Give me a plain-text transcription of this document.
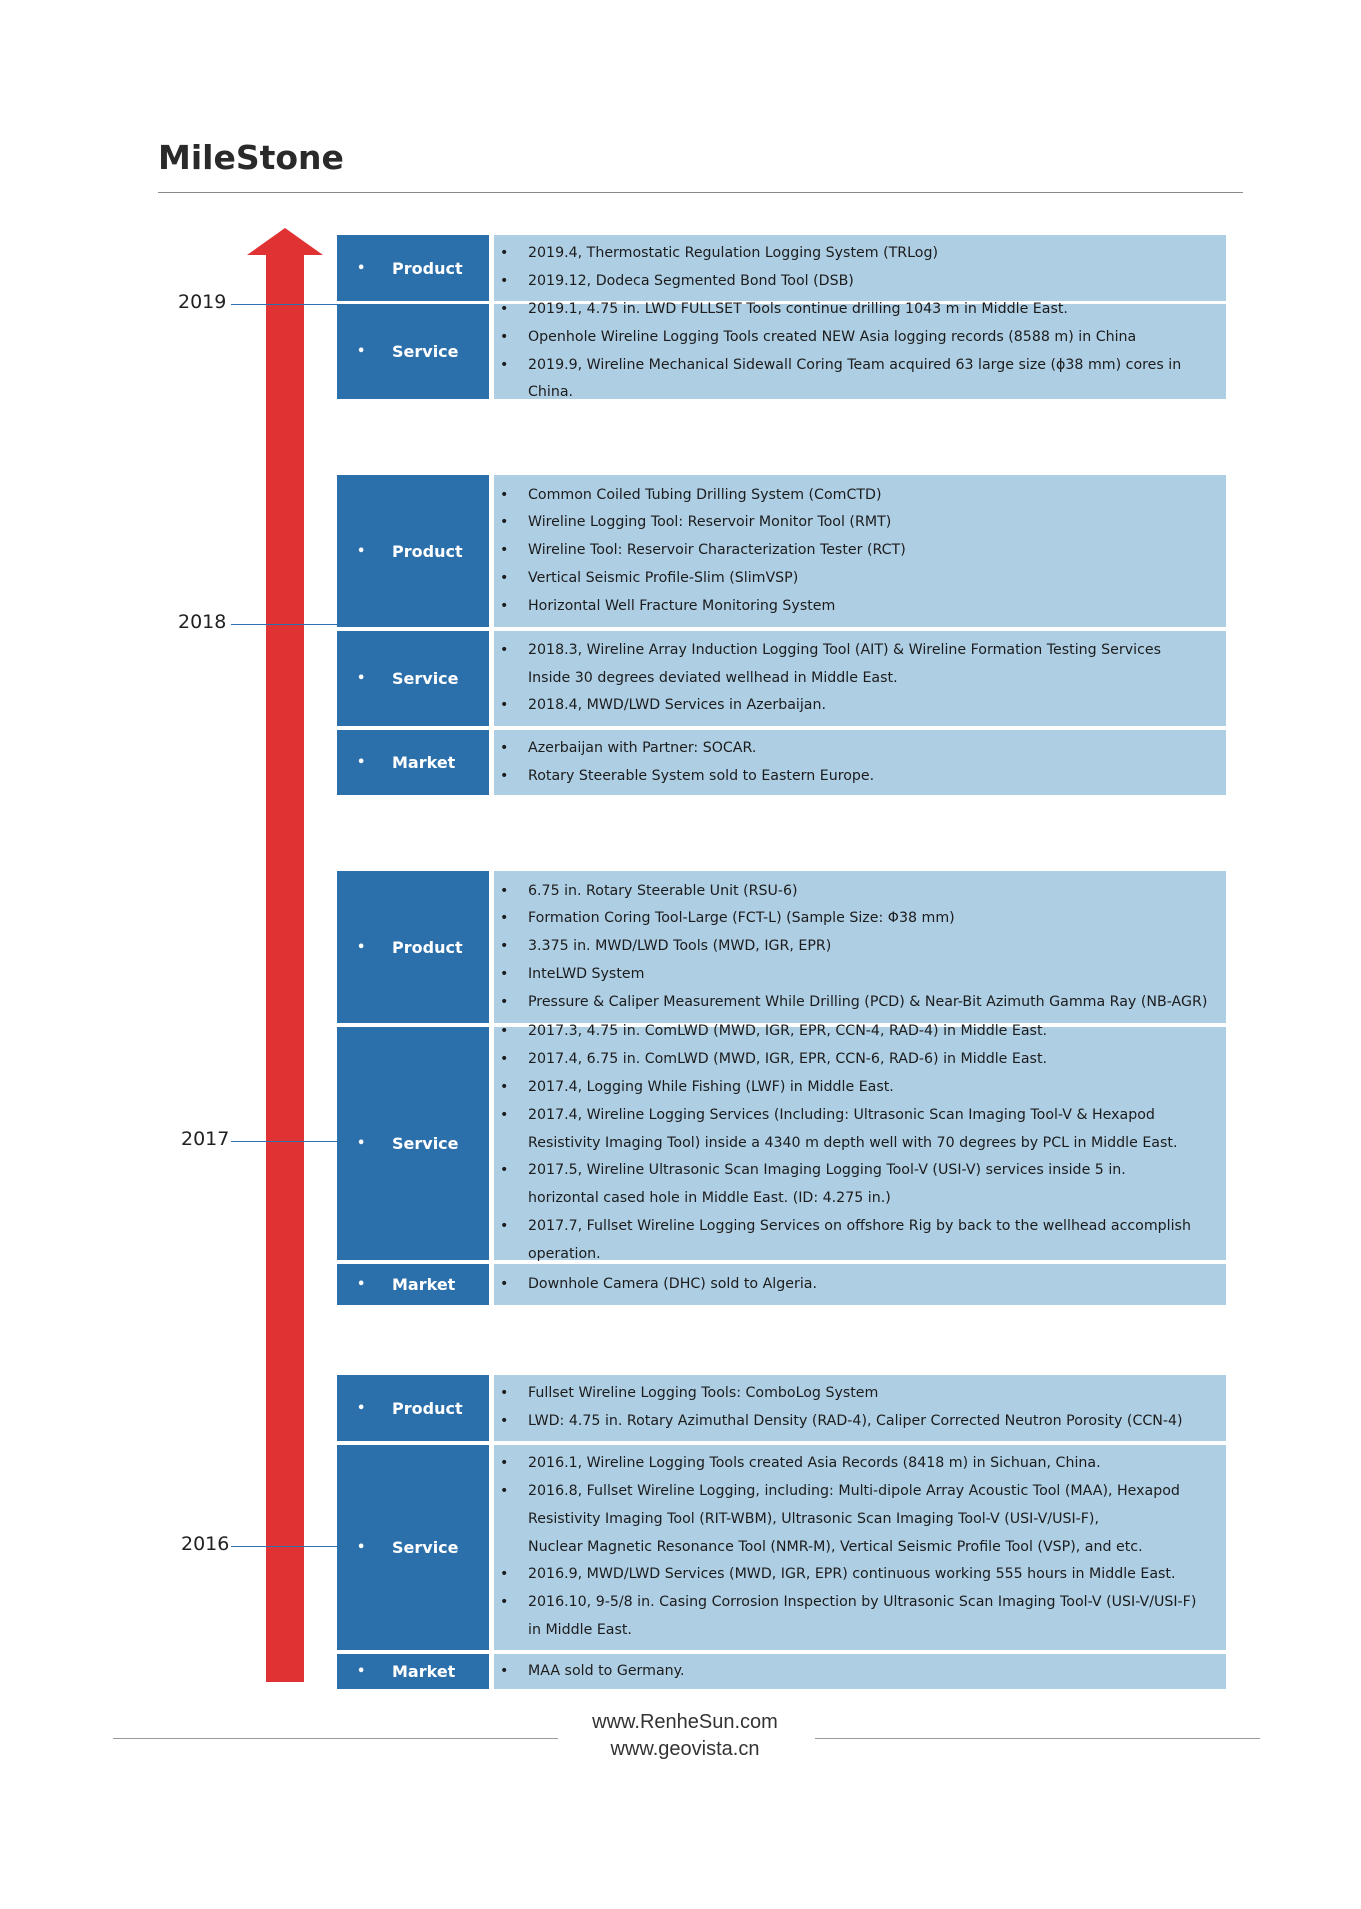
MileStone
2019
2018
2017
2016
• Product
• 2019.4, Thermostatic Regulation Logging System (TRLog)
• 2019.12, Dodeca Segmented Bond Tool (DSB)
• Service
• 2019.1, 4.75 in. LWD FULLSET Tools continue drilling 1043 m in Middle East.
• Openhole Wireline Logging Tools created NEW Asia logging records (8588 m) in China
• 2019.9, Wireline Mechanical Sidewall Coring Team acquired 63 large size (ϕ38 mm) cores in China.
• Product
• Common Coiled Tubing Drilling System (ComCTD)
• Wireline Logging Tool: Reservoir Monitor Tool (RMT)
• Wireline Tool: Reservoir Characterization Tester (RCT)
• Vertical Seismic Profile-Slim (SlimVSP)
• Horizontal Well Fracture Monitoring System
• Service
• 2018.3, Wireline Array Induction Logging Tool (AIT) & Wireline Formation Testing Services
Inside 30 degrees deviated wellhead in Middle East.
• 2018.4, MWD/LWD Services in Azerbaijan.
• Market
• Azerbaijan with Partner: SOCAR.
• Rotary Steerable System sold to Eastern Europe.
• Product
• 6.75 in. Rotary Steerable Unit (RSU-6)
• Formation Coring Tool-Large (FCT-L) (Sample Size: Φ38 mm)
• 3.375 in. MWD/LWD Tools (MWD, IGR, EPR)
• InteLWD System
• Pressure & Caliper Measurement While Drilling (PCD) & Near-Bit Azimuth Gamma Ray (NB-AGR)
• Service
• 2017.3, 4.75 in. ComLWD (MWD, IGR, EPR, CCN-4, RAD-4) in Middle East.
• 2017.4, 6.75 in. ComLWD (MWD, IGR, EPR, CCN-6, RAD-6) in Middle East.
• 2017.4, Logging While Fishing (LWF) in Middle East.
• 2017.4, Wireline Logging Services (Including: Ultrasonic Scan Imaging Tool-V & Hexapod
Resistivity Imaging Tool) inside a 4340 m depth well with 70 degrees by PCL in Middle East.
• 2017.5, Wireline Ultrasonic Scan Imaging Logging Tool-V (USI-V) services inside 5 in.
horizontal cased hole in Middle East. (ID: 4.275 in.)
• 2017.7, Fullset Wireline Logging Services on offshore Rig by back to the wellhead accomplish operation.
• Market	• Downhole Camera (DHC) sold to Algeria.
• Product
• Fullset Wireline Logging Tools: ComboLog System
• LWD: 4.75 in. Rotary Azimuthal Density (RAD-4), Caliper Corrected Neutron Porosity (CCN-4)
• Service
• 2016.1, Wireline Logging Tools created Asia Records (8418 m) in Sichuan, China.
• 2016.8, Fullset Wireline Logging, including: Multi-dipole Array Acoustic Tool (MAA), Hexapod
Resistivity Imaging Tool (RIT-WBM), Ultrasonic Scan Imaging Tool-V (USI-V/USI-F),
Nuclear Magnetic Resonance Tool (NMR-M), Vertical Seismic Profile Tool (VSP), and etc.
• 2016.9, MWD/LWD Services (MWD, IGR, EPR) continuous working 555 hours in Middle East.
• 2016.10, 9-5/8 in. Casing Corrosion Inspection by Ultrasonic Scan Imaging Tool-V (USI-V/USI-F)
in Middle East.
• Market	• MAA sold to Germany.
www.RenheSun.com
www.geovista.cn
